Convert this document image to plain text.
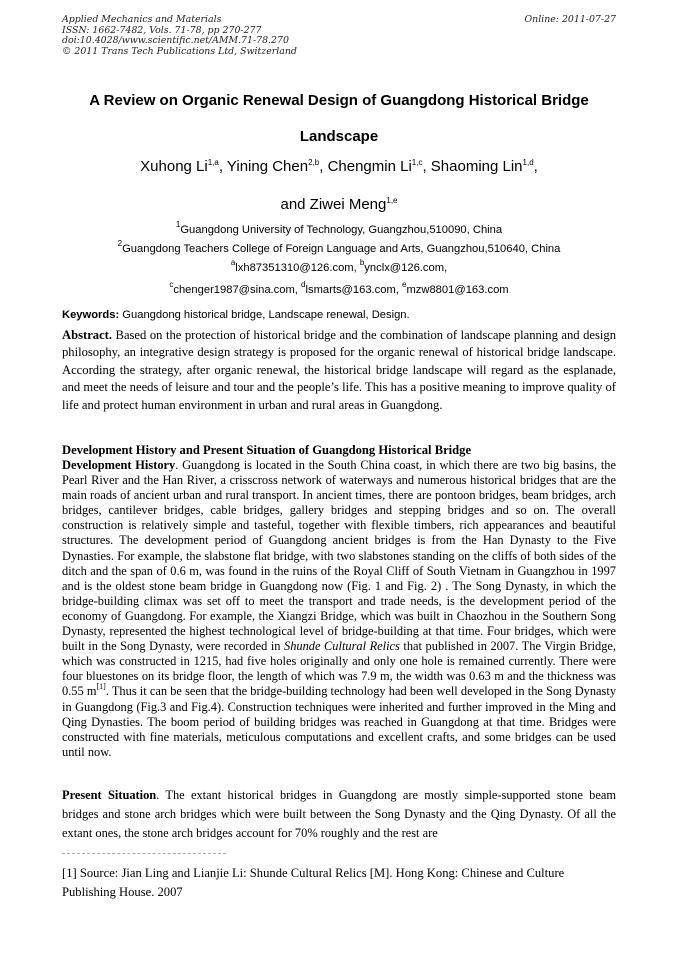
Applied Mechanics and Materials
ISSN: 1662-7482, Vols. 71-78, pp 270-277
doi:10.4028/www.scientific.net/AMM.71-78.270
© 2011 Trans Tech Publications Ltd, Switzerland
Online: 2011-07-27
A Review on Organic Renewal Design of Guangdong Historical Bridge
Landscape
Xuhong Li$^{1,a}$, Yining Chen$^{2,b}$, Chengmin Li$^{1,c}$, Shaoming Lin$^{1,d}$,
and Ziwei Meng$^{1,e}$
$^1$Guangdong University of Technology, Guangzhou,510090, China
$^2$Guangdong Teachers College of Foreign Language and Arts, Guangzhou,510640, China
$^a$lxh87351310@126.com, $^b$ynclx@126.com,
$^c$chenger1987@sina.com, $^d$lsmarts@163.com, $^e$mzw8801@163.com
Keywords: Guangdong historical bridge, Landscape renewal, Design.
Abstract. Based on the protection of historical bridge and the combination of landscape planning and design philosophy, an integrative design strategy is proposed for the organic renewal of historical bridge landscape. According the strategy, after organic renewal, the historical bridge landscape will regard as the esplanade, and meet the needs of leisure and tour and the people’s life. This has a positive meaning to improve quality of life and protect human environment in urban and rural areas in Guangdong.
Development History and Present Situation of Guangdong Historical Bridge
Development History. Guangdong is located in the South China coast, in which there are two big basins, the Pearl River and the Han River, a crisscross network of waterways and numerous historical bridges that are the main roads of ancient urban and rural transport. In ancient times, there are pontoon bridges, beam bridges, arch bridges, cantilever bridges, cable bridges, gallery bridges and stepping bridges and so on. The overall construction is relatively simple and tasteful, together with flexible timbers, rich appearances and beautiful structures. The development period of Guangdong ancient bridges is from the Han Dynasty to the Five Dynasties. For example, the slabstone flat bridge, with two slabstones standing on the cliffs of both sides of the ditch and the span of 0.6 m, was found in the ruins of the Royal Cliff of South Vietnam in Guangzhou in 1997 and is the oldest stone beam bridge in Guangdong now (Fig. 1 and Fig. 2) . The Song Dynasty, in which the bridge-building climax was set off to meet the transport and trade needs, is the development period of the economy of Guangdong. For example, the Xiangzi Bridge, which was built in Chaozhou in the Southern Song Dynasty, represented the highest technological level of bridge-building at that time. Four bridges, which were built in the Song Dynasty, were recorded in Shunde Cultural Relics that published in 2007. The Virgin Bridge, which was constructed in 1215, had five holes originally and only one hole is remained currently. There were four bluestones on its bridge floor, the length of which was 7.9 m, the width was 0.63 m and the thickness was 0.55 m[1]. Thus it can be seen that the bridge-building technology had been well developed in the Song Dynasty in Guangdong (Fig.3 and Fig.4). Construction techniques were inherited and further improved in the Ming and Qing Dynasties. The boom period of building bridges was reached in Guangdong at that time. Bridges were constructed with fine materials, meticulous computations and excellent crafts, and some bridges can be used until now.
Present Situation. The extant historical bridges in Guangdong are mostly simple-supported stone beam bridges and stone arch bridges which were built between the Song Dynasty and the Qing Dynasty. Of all the extant ones, the stone arch bridges account for 70% roughly and the rest are
[1] Source: Jian Ling and Lianjie Li: Shunde Cultural Relics [M]. Hong Kong: Chinese and Culture Publishing House. 2007
